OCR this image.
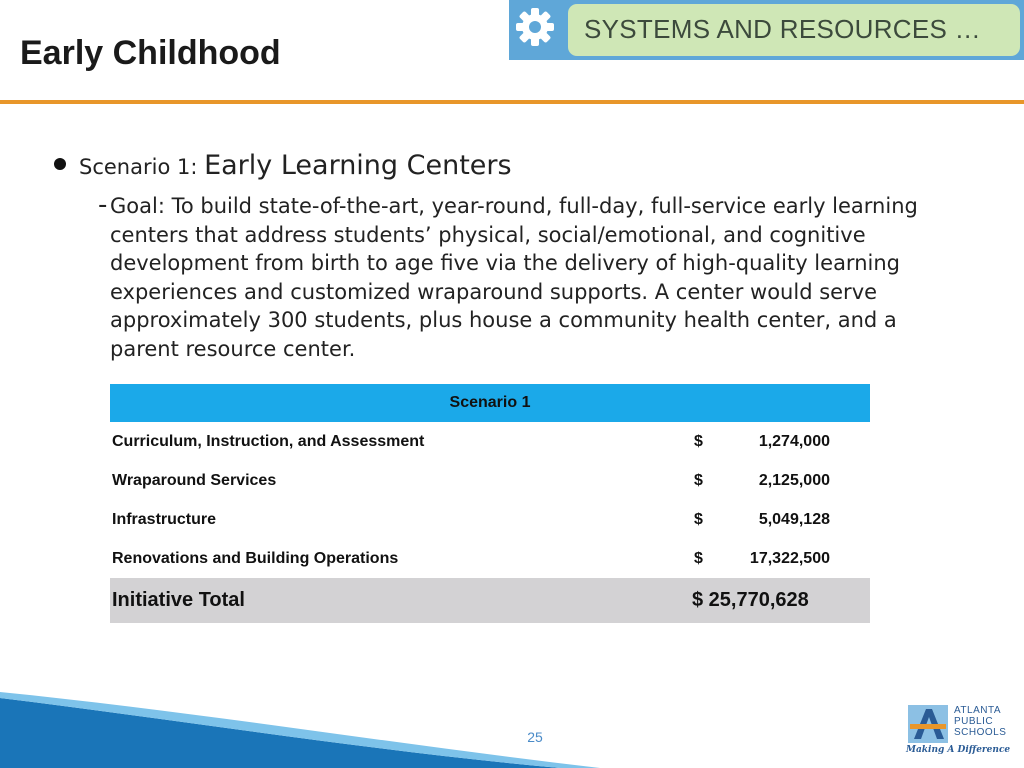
Early Childhood
SYSTEMS AND RESOURCES …
Scenario 1: Early Learning Centers
- Goal: To build state-of-the-art, year-round, full-day, full-service early learning centers that address students’ physical, social/emotional, and cognitive development from birth to age five via the delivery of high-quality learning experiences and customized wraparound supports. A center would serve approximately 300 students, plus house a community health center, and a parent resource center.
Scenario 1		
Curriculum, Instruction, and Assessment	$	1,274,000
Wraparound Services	$	2,125,000
Infrastructure	$	5,049,128
Renovations and Building Operations	$	17,322,500
Initiative Total	$ 25,770,628	
25
ATLANTA
PUBLIC
SCHOOLS
Making A Difference
